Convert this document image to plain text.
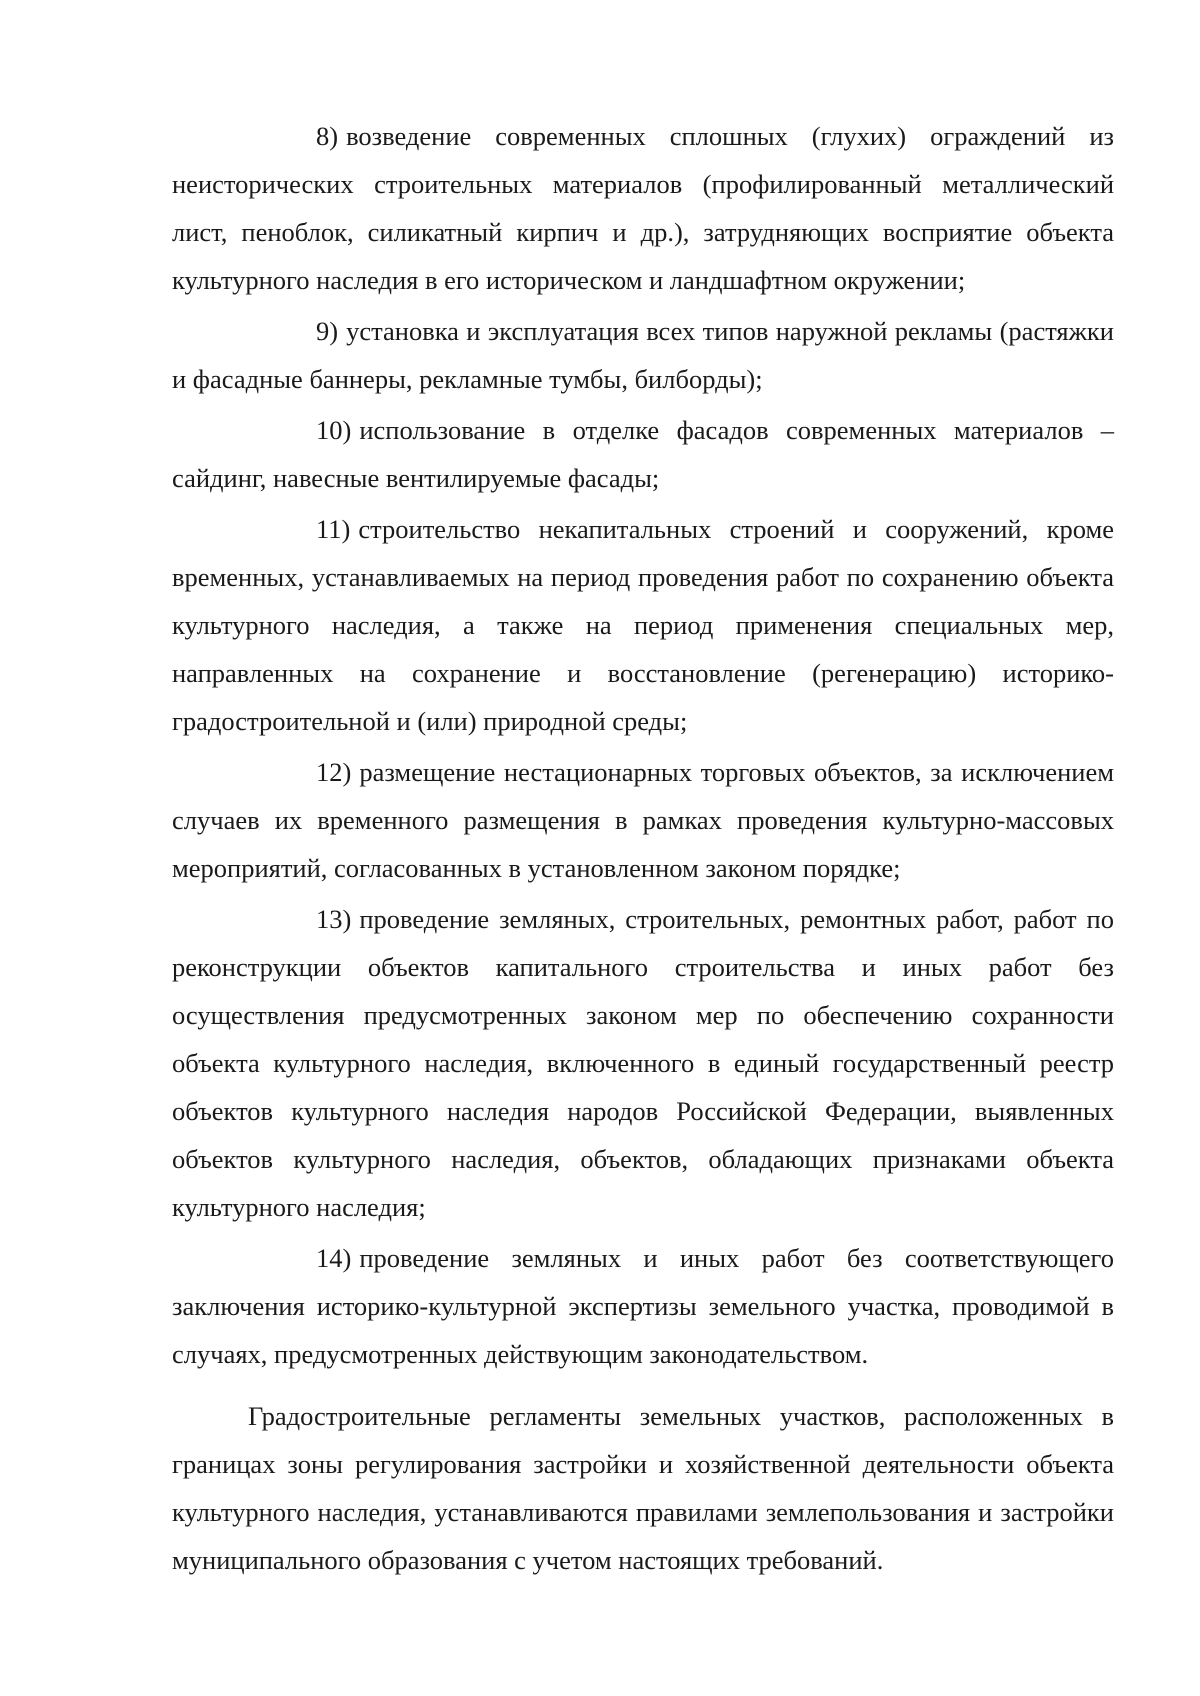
8) возведение современных сплошных (глухих) ограждений из неисторических строительных материалов (профилированный металлический лист, пеноблок, силикатный кирпич и др.), затрудняющих восприятие объекта культурного наследия в его историческом и ландшафтном окружении;

9) установка и эксплуатация всех типов наружной рекламы (растяжки и фасадные баннеры, рекламные тумбы, билборды);

10) использование в отделке фасадов современных материалов – сайдинг, навесные вентилируемые фасады;

11) строительство некапитальных строений и сооружений, кроме временных, устанавливаемых на период проведения работ по сохранению объекта культурного наследия, а также на период применения специальных мер, направленных на сохранение и восстановление (регенерацию) историко-градостроительной и (или) природной среды;

12) размещение нестационарных торговых объектов, за исключением случаев их временного размещения в рамках проведения культурно-массовых мероприятий, согласованных в установленном законом порядке;

13) проведение земляных, строительных, ремонтных работ, работ по реконструкции объектов капитального строительства и иных работ без осуществления предусмотренных законом мер по обеспечению сохранности объекта культурного наследия, включенного в единый государственный реестр объектов культурного наследия народов Российской Федерации, выявленных объектов культурного наследия, объектов, обладающих признаками объекта культурного наследия;

14) проведение земляных и иных работ без соответствующего заключения историко-культурной экспертизы земельного участка, проводимой в случаях, предусмотренных действующим законодательством.

Градостроительные регламенты земельных участков, расположенных в границах зоны регулирования застройки и хозяйственной деятельности объекта культурного наследия, устанавливаются правилами землепользования и застройки муниципального образования с учетом настоящих требований.
